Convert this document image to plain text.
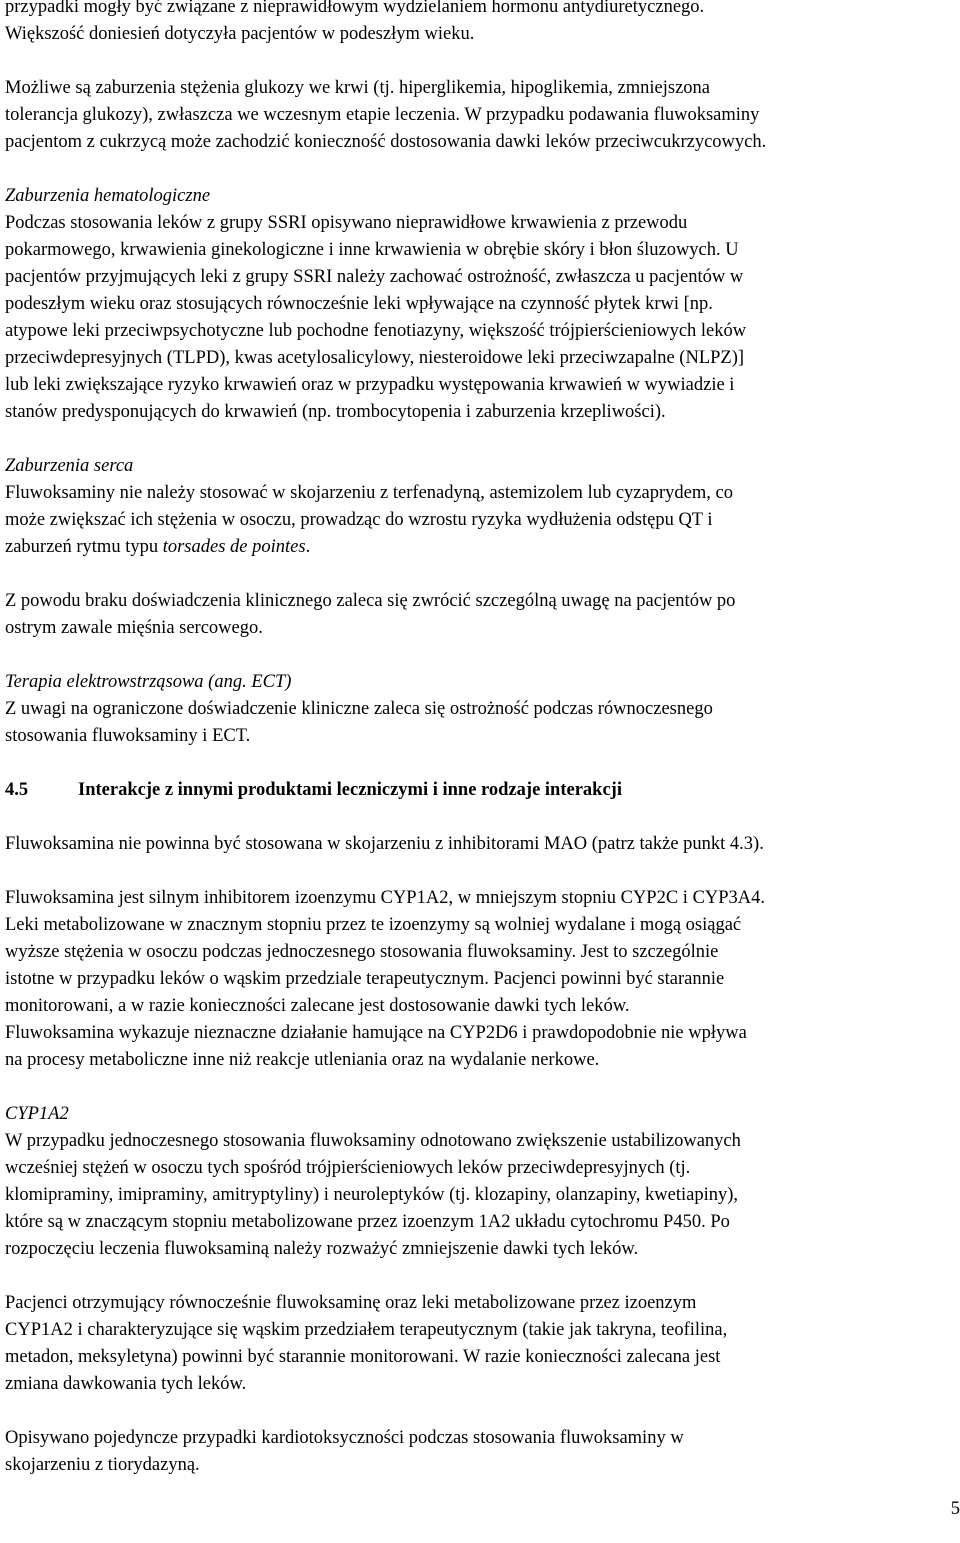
przypadki mogły być związane z nieprawidłowym wydzielaniem hormonu antydiuretycznego.
Większość doniesień dotyczyła pacjentów w podeszłym wieku.

Możliwe są zaburzenia stężenia glukozy we krwi (tj. hiperglikemia, hipoglikemia, zmniejszona
tolerancja glukozy), zwłaszcza we wczesnym etapie leczenia. W przypadku podawania fluwoksaminy
pacjentom z cukrzycą może zachodzić konieczność dostosowania dawki leków przeciwcukrzycowych.

Zaburzenia hematologiczne

Podczas stosowania leków z grupy SSRI opisywano nieprawidłowe krwawienia z przewodu
pokarmowego, krwawienia ginekologiczne i inne krwawienia w obrębie skóry i błon śluzowych. U
pacjentów przyjmujących leki z grupy SSRI należy zachować ostrożność, zwłaszcza u pacjentów w
podeszłym wieku oraz stosujących równocześnie leki wpływające na czynność płytek krwi [np.
atypowe leki przeciwpsychotyczne lub pochodne fenotiazyny, większość trójpierścieniowych leków
przeciwdepresyjnych (TLPD), kwas acetylosalicylowy, niesteroidowe leki przeciwzapalne (NLPZ)]
lub leki zwiększające ryzyko krwawień oraz w przypadku występowania krwawień w wywiadzie i
stanów predysponujących do krwawień (np. trombocytopenia i zaburzenia krzepliwości).

Zaburzenia serca

Fluwoksaminy nie należy stosować w skojarzeniu z terfenadyną, astemizolem lub cyzaprydem, co
może zwiększać ich stężenia w osoczu, prowadząc do wzrostu ryzyka wydłużenia odstępu QT i
zaburzeń rytmu typu torsades de pointes.

Z powodu braku doświadczenia klinicznego zaleca się zwrócić szczególną uwagę na pacjentów po
ostrym zawale mięśnia sercowego.

Terapia elektrowstrząsowa (ang. ECT)

Z uwagi na ograniczone doświadczenie kliniczne zaleca się ostrożność podczas równoczesnego
stosowania fluwoksaminy i ECT.

4.5	Interakcje z innymi produktami leczniczymi i inne rodzaje interakcji

Fluwoksamina nie powinna być stosowana w skojarzeniu z inhibitorami MAO (patrz także punkt 4.3).

Fluwoksamina jest silnym inhibitorem izoenzymu CYP1A2, w mniejszym stopniu CYP2C i CYP3A4.
Leki metabolizowane w znacznym stopniu przez te izoenzymy są wolniej wydalane i mogą osiągać
wyższe stężenia w osoczu podczas jednoczesnego stosowania fluwoksaminy. Jest to szczególnie
istotne w przypadku leków o wąskim przedziale terapeutycznym. Pacjenci powinni być starannie
monitorowani, a w razie konieczności zalecane jest dostosowanie dawki tych leków.
Fluwoksamina wykazuje nieznaczne działanie hamujące na CYP2D6 i prawdopodobnie nie wpływa
na procesy metaboliczne inne niż reakcje utleniania oraz na wydalanie nerkowe.

CYP1A2

W przypadku jednoczesnego stosowania fluwoksaminy odnotowano zwiększenie ustabilizowanych
wcześniej stężeń w osoczu tych spośród trójpierścieniowych leków przeciwdepresyjnych (tj.
klomipraminy, imipraminy, amitryptyliny) i neuroleptyków (tj. klozapiny, olanzapiny, kwetiapiny),
które są w znaczącym stopniu metabolizowane przez izoenzym 1A2 układu cytochromu P450. Po
rozpoczęciu leczenia fluwoksaminą należy rozważyć zmniejszenie dawki tych leków.

Pacjenci otrzymujący równocześnie fluwoksaminę oraz leki metabolizowane przez izoenzym
CYP1A2 i charakteryzujące się wąskim przedziałem terapeutycznym (takie jak takryna, teofilina,
metadon, meksyletyna) powinni być starannie monitorowani. W razie konieczności zalecana jest
zmiana dawkowania tych leków.

Opisywano pojedyncze przypadki kardiotoksyczności podczas stosowania fluwoksaminy w
skojarzeniu z tiorydazyną.

5
